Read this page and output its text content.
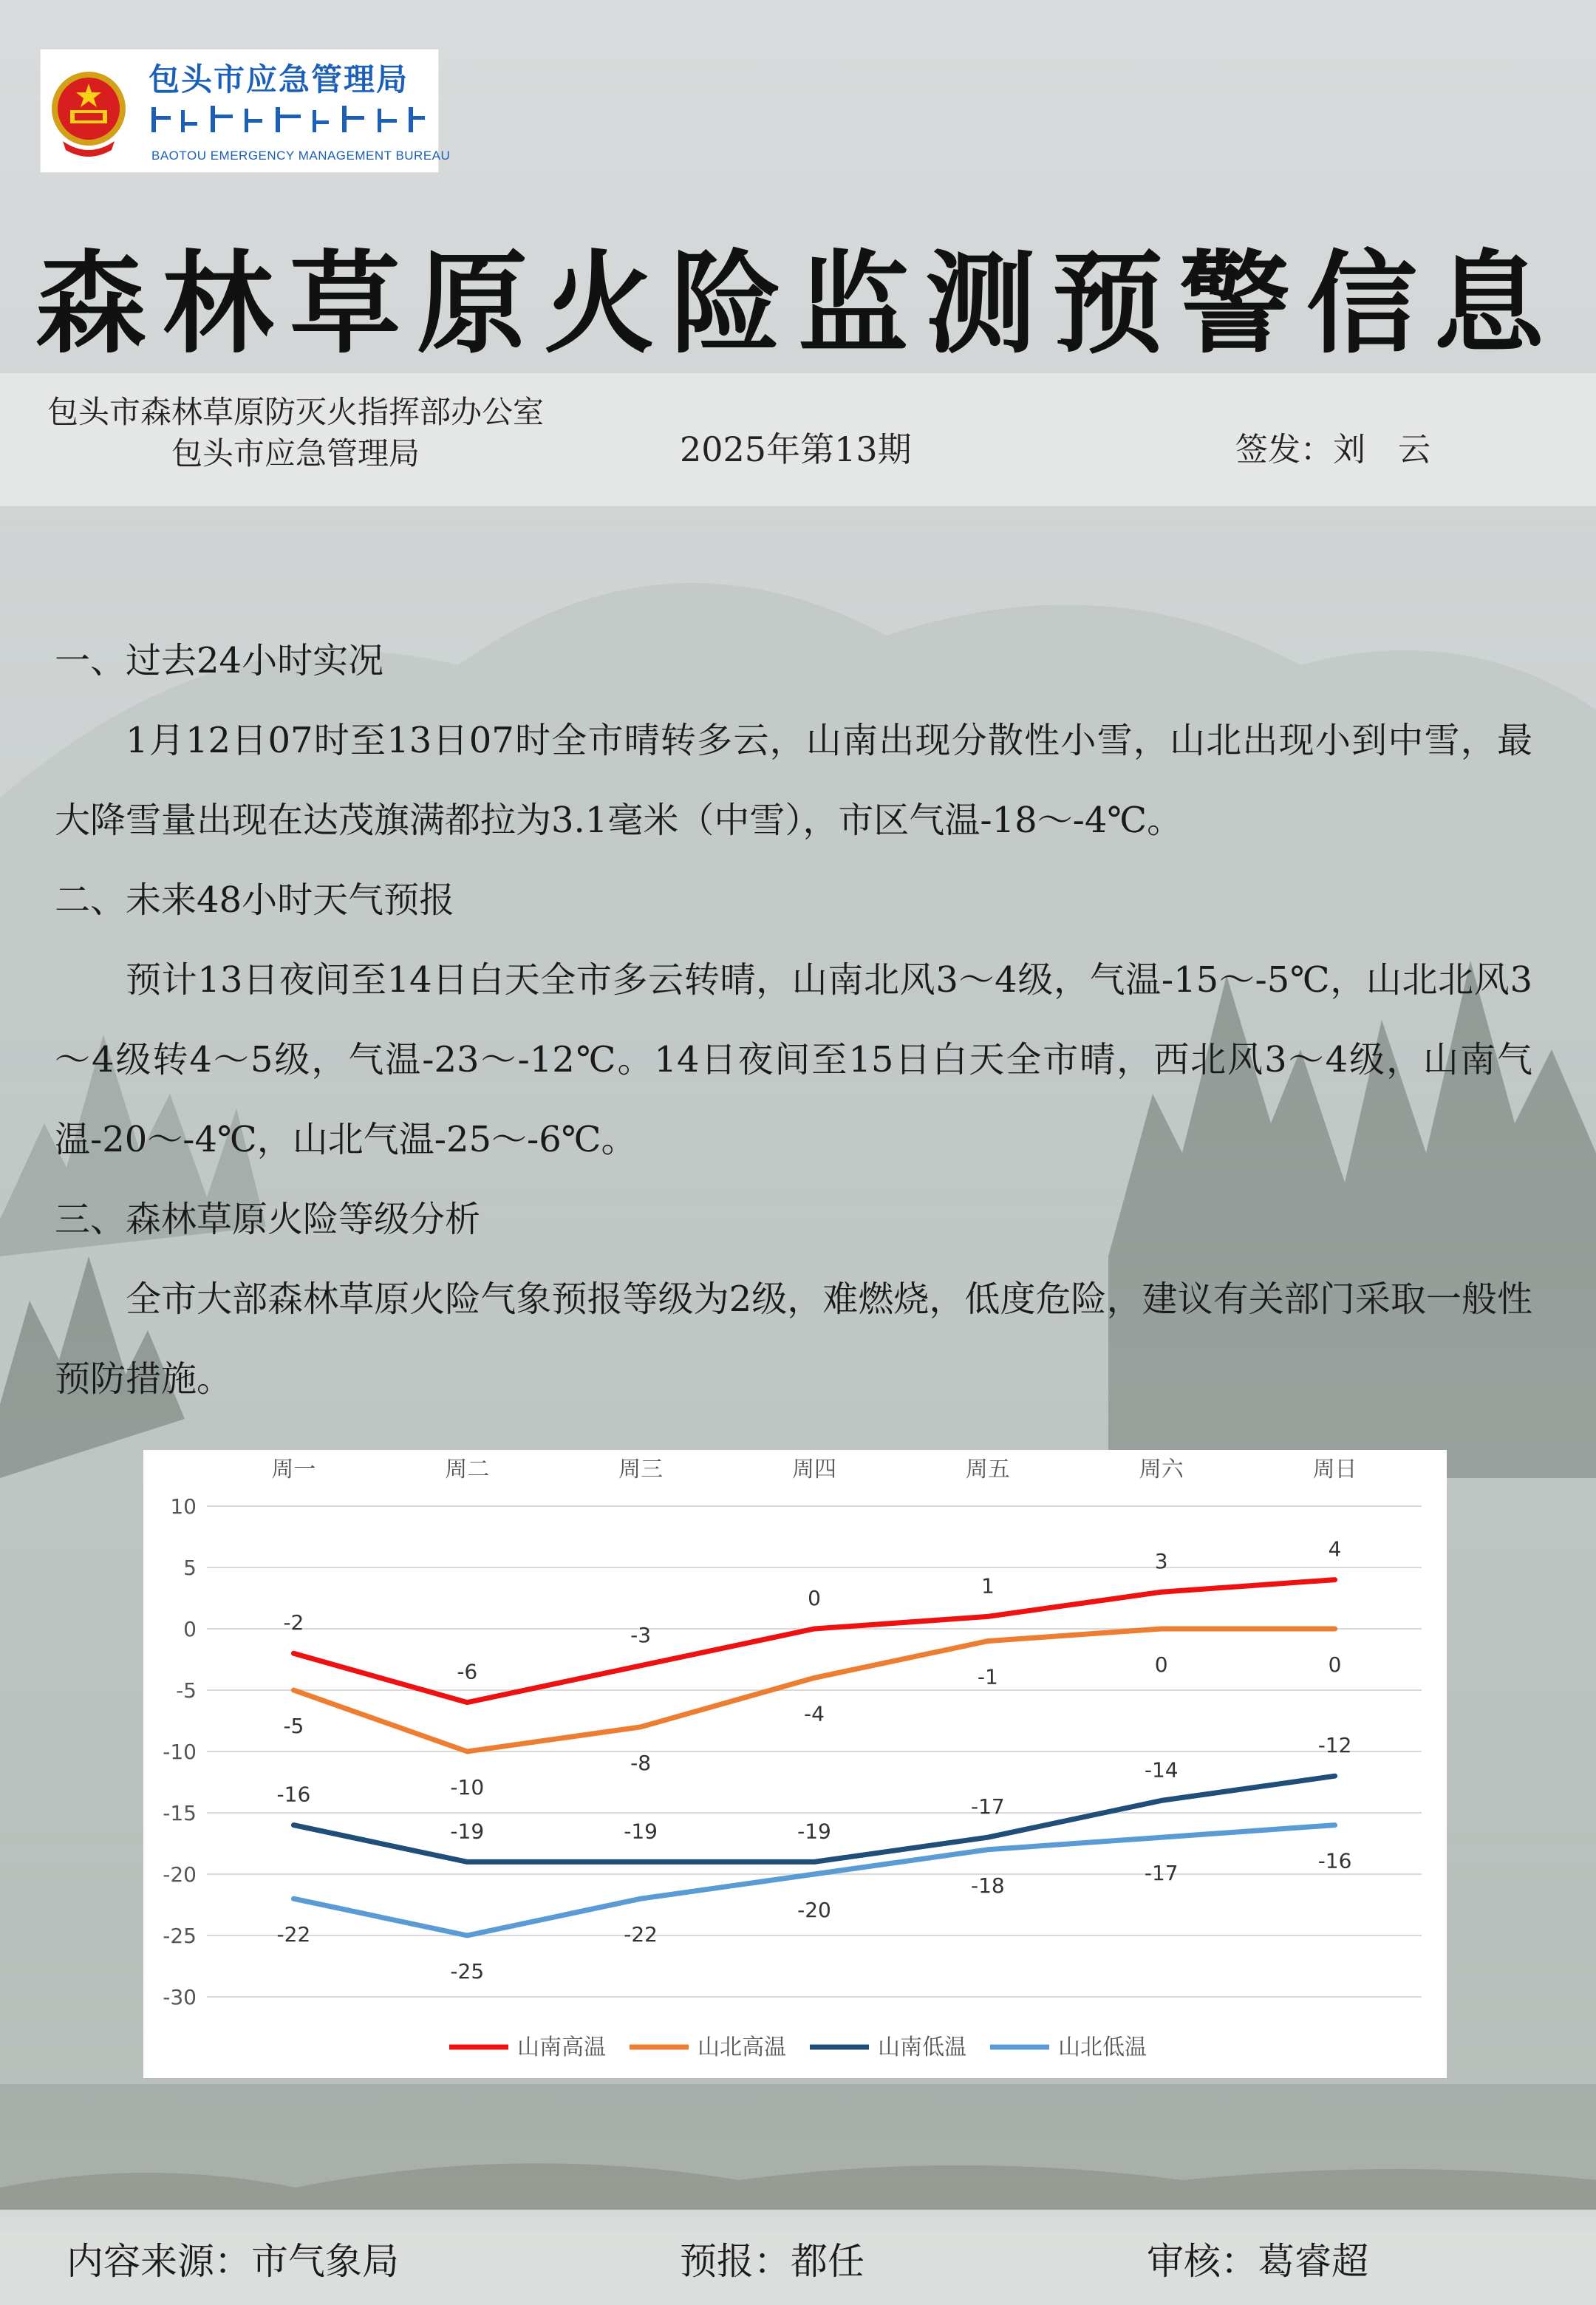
包头市应急管理局
BAOTOU EMERGENCY MANAGEMENT BUREAU
森林草原火险监测预警信息
包头市森林草原防灭火指挥部办公室
包头市应急管理局	2025年第13期	签发：刘　云

一、过去24小时实况

1月12日07时至13日07时全市晴转多云，山南出现分散性小雪，山北出现小到中雪，最大降雪量出现在达茂旗满都拉为3.1毫米（中雪），市区气温-18～-4℃。

二、未来48小时天气预报

预计13日夜间至14日白天全市多云转晴，山南北风3～4级，气温-15～-5℃，山北北风3～4级转4～5级，气温-23～-12℃。14日夜间至15日白天全市晴，西北风3～4级，山南气温-20～-4℃，山北气温-25～-6℃。

三、森林草原火险等级分析

全市大部森林草原火险气象预报等级为2级，难燃烧，低度危险，建议有关部门采取一般性预防措施。

10
5
0
-5
-10
-15
-20
-25
-30
周一	周二	周三	周四	周五	周六	周日
-2
-6
-3
0
1
3
4
-5
-10
-8
-4
-1
0	0
-16
-19	-19	-19
-17
-14
-12
-22
-25
-22
-20
-18
-17
-16
山南高温	山北高温	山南低温	山北低温
内容来源：市气象局	预报：都任	审核：葛睿超
